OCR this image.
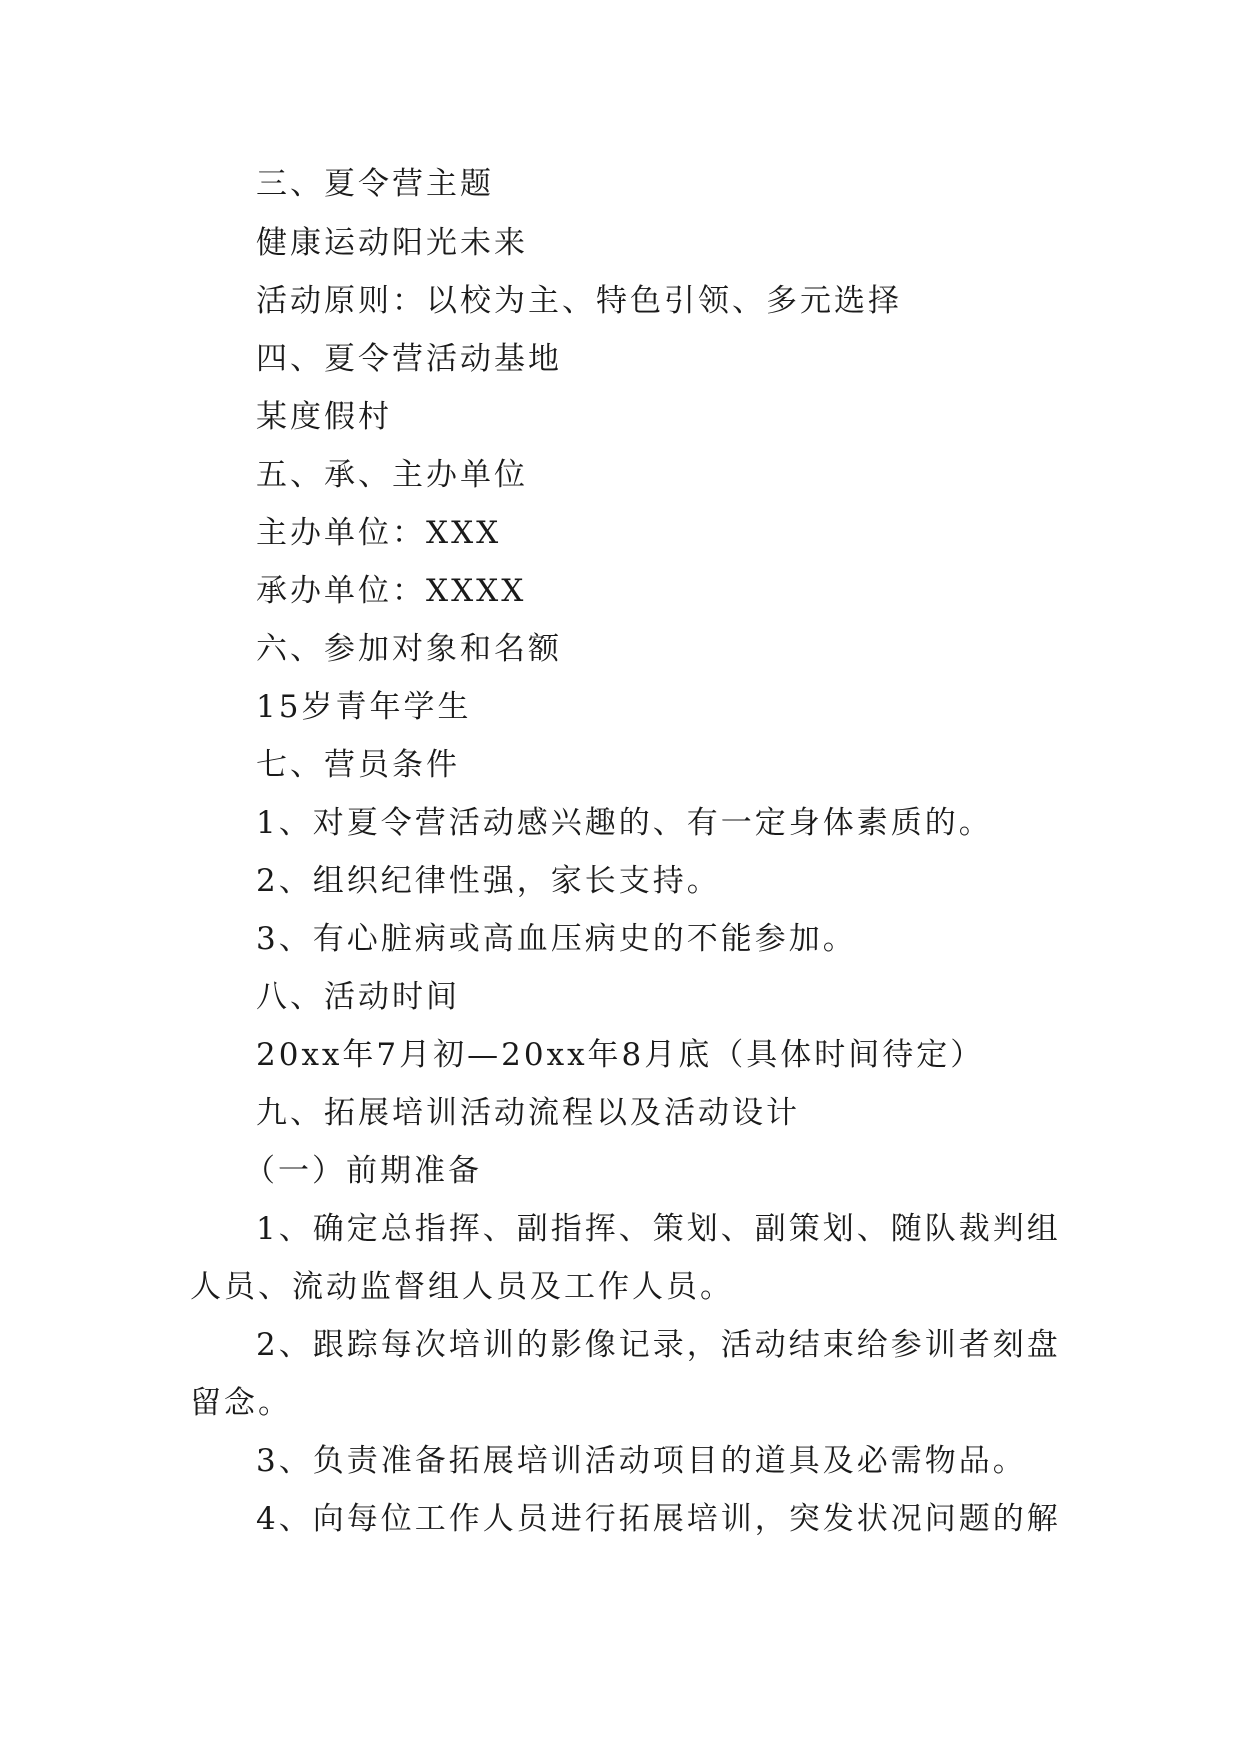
三、夏令营主题

健康运动阳光未来

活动原则：以校为主、特色引领、多元选择

四、夏令营活动基地

某度假村

五、承、主办单位

主办单位：XXX

承办单位：XXXX

六、参加对象和名额

15岁青年学生

七、营员条件

1、对夏令营活动感兴趣的、有一定身体素质的。

2、组织纪律性强，家长支持。

3、有心脏病或高血压病史的不能参加。

八、活动时间

20xx年7月初—20xx年8月底（具体时间待定）

九、拓展培训活动流程以及活动设计

（一）前期准备

1、确定总指挥、副指挥、策划、副策划、随队裁判组

人员、流动监督组人员及工作人员。

2、跟踪每次培训的影像记录，活动结束给参训者刻盘

留念。

3、负责准备拓展培训活动项目的道具及必需物品。

4、向每位工作人员进行拓展培训，突发状况问题的解
